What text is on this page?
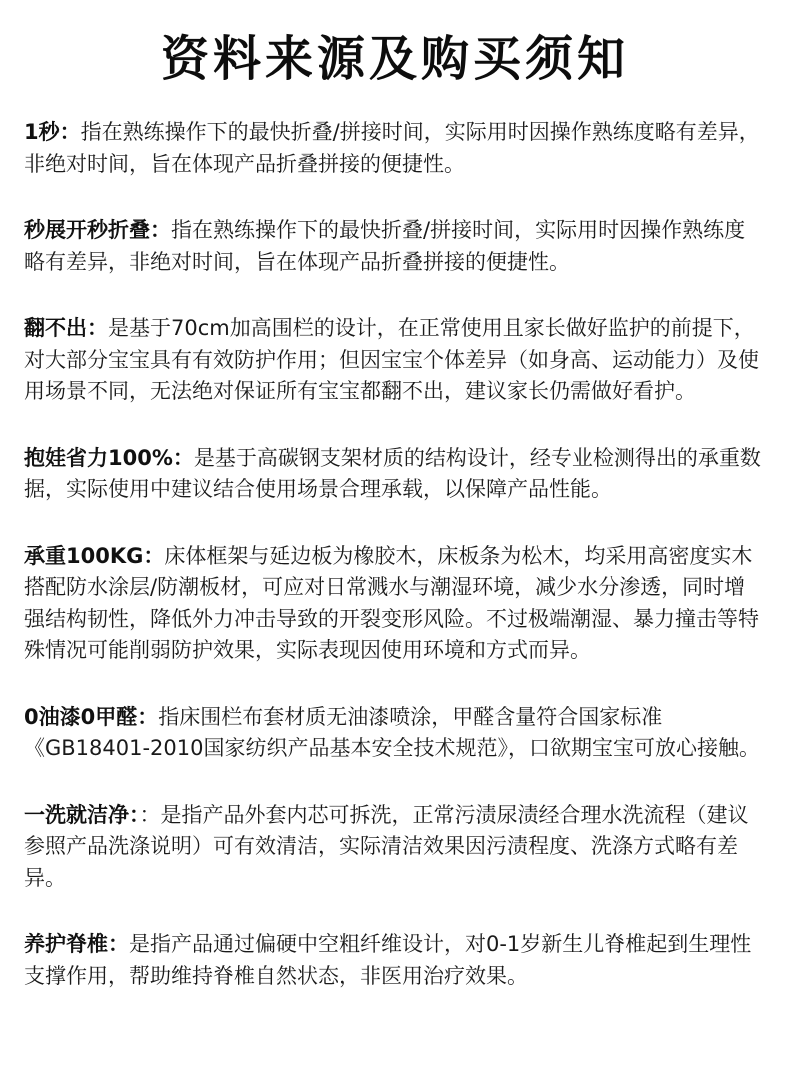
资料来源及购买须知

1秒：指在熟练操作下的最快折叠/拼接时间，实际用时因操作熟练度略有差异，非绝对时间，旨在体现产品折叠拼接的便捷性。

秒展开秒折叠：指在熟练操作下的最快折叠/拼接时间，实际用时因操作熟练度略有差异，非绝对时间，旨在体现产品折叠拼接的便捷性。

翻不出：是基于70cm加高围栏的设计，在正常使用且家长做好监护的前提下，对大部分宝宝具有有效防护作用；但因宝宝个体差异（如身高、运动能力）及使用场景不同，无法绝对保证所有宝宝都翻不出，建议家长仍需做好看护。

抱娃省力100%：是基于高碳钢支架材质的结构设计，经专业检测得出的承重数据，实际使用中建议结合使用场景合理承载，以保障产品性能。

承重100KG：床体框架与延边板为橡胶木，床板条为松木，均采用高密度实木搭配防水涂层/防潮板材，可应对日常溅水与潮湿环境，减少水分渗透，同时增强结构韧性，降低外力冲击导致的开裂变形风险。不过极端潮湿、暴力撞击等特殊情况可能削弱防护效果，实际表现因使用环境和方式而异。

0油漆0甲醛：指床围栏布套材质无油漆喷涂，甲醛含量符合国家标准《GB18401-2010国家纺织产品基本安全技术规范》，口欲期宝宝可放心接触。

一洗就洁净：：是指产品外套内芯可拆洗，正常污渍尿渍经合理水洗流程（建议参照产品洗涤说明）可有效清洁，实际清洁效果因污渍程度、洗涤方式略有差异。

养护脊椎：是指产品通过偏硬中空粗纤维设计，对0-1岁新生儿脊椎起到生理性支撑作用，帮助维持脊椎自然状态，非医用治疗效果。
